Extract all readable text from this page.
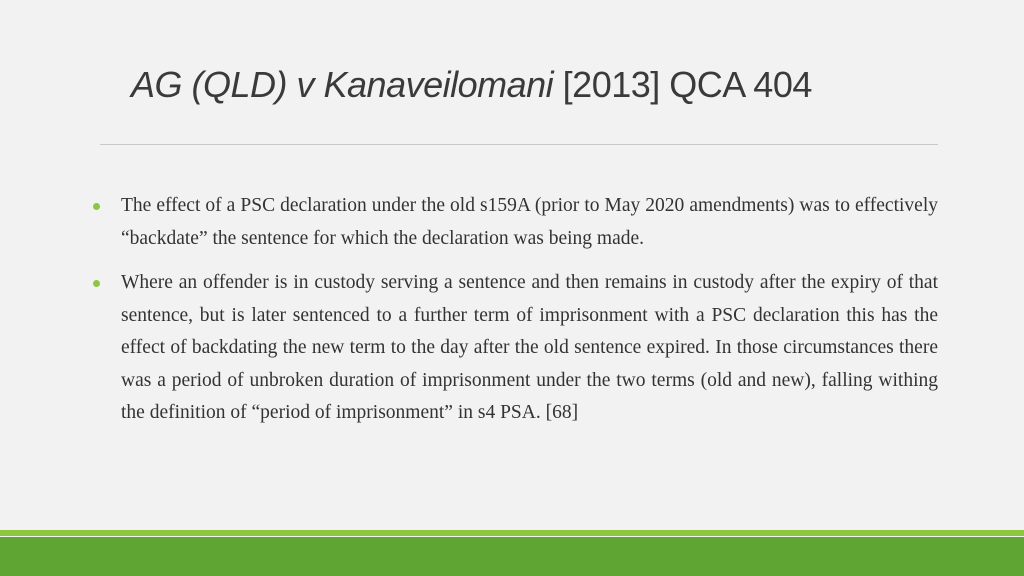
AG (QLD) v Kanaveilomani [2013] QCA 404
The effect of a PSC declaration under the old s159A (prior to May 2020 amendments) was to effectively “backdate” the sentence for which the declaration was being made.
Where an offender is in custody serving a sentence and then remains in custody after the expiry of that sentence, but is later sentenced to a further term of imprisonment with a PSC declaration this has the effect of backdating the new term to the day after the old sentence expired. In those circumstances there was a period of unbroken duration of imprisonment under the two terms (old and new), falling withing the definition of “period of imprisonment” in s4 PSA. [68]
